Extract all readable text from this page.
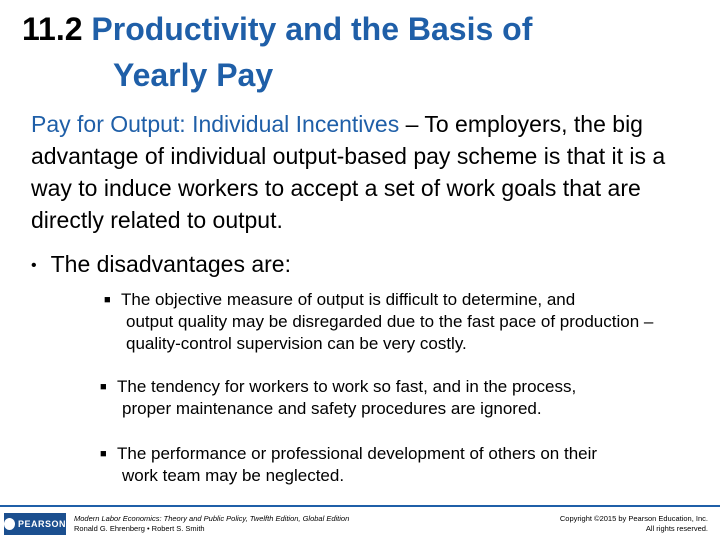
11.2 Productivity and the Basis of
Yearly Pay

Pay for Output: Individual Incentives – To employers, the big advantage of individual output-based pay scheme is that it is a way to induce workers to accept a set of work goals that are directly related to output.

• The disadvantages are:

■ The objective measure of output is difficult to determine, and
output quality may be disregarded due to the fast pace of production – quality-control supervision can be very costly.

■ The tendency for workers to work so fast, and in the process,
proper maintenance and safety procedures are ignored.

■ The performance or professional development of others on their
work team may be neglected.

PEARSON
Modern Labor Economics: Theory and Public Policy, Twelfth Edition, Global Edition
Ronald G. Ehrenberg • Robert S. Smith
Copyright ©2015 by Pearson Education, Inc.
All rights reserved.
